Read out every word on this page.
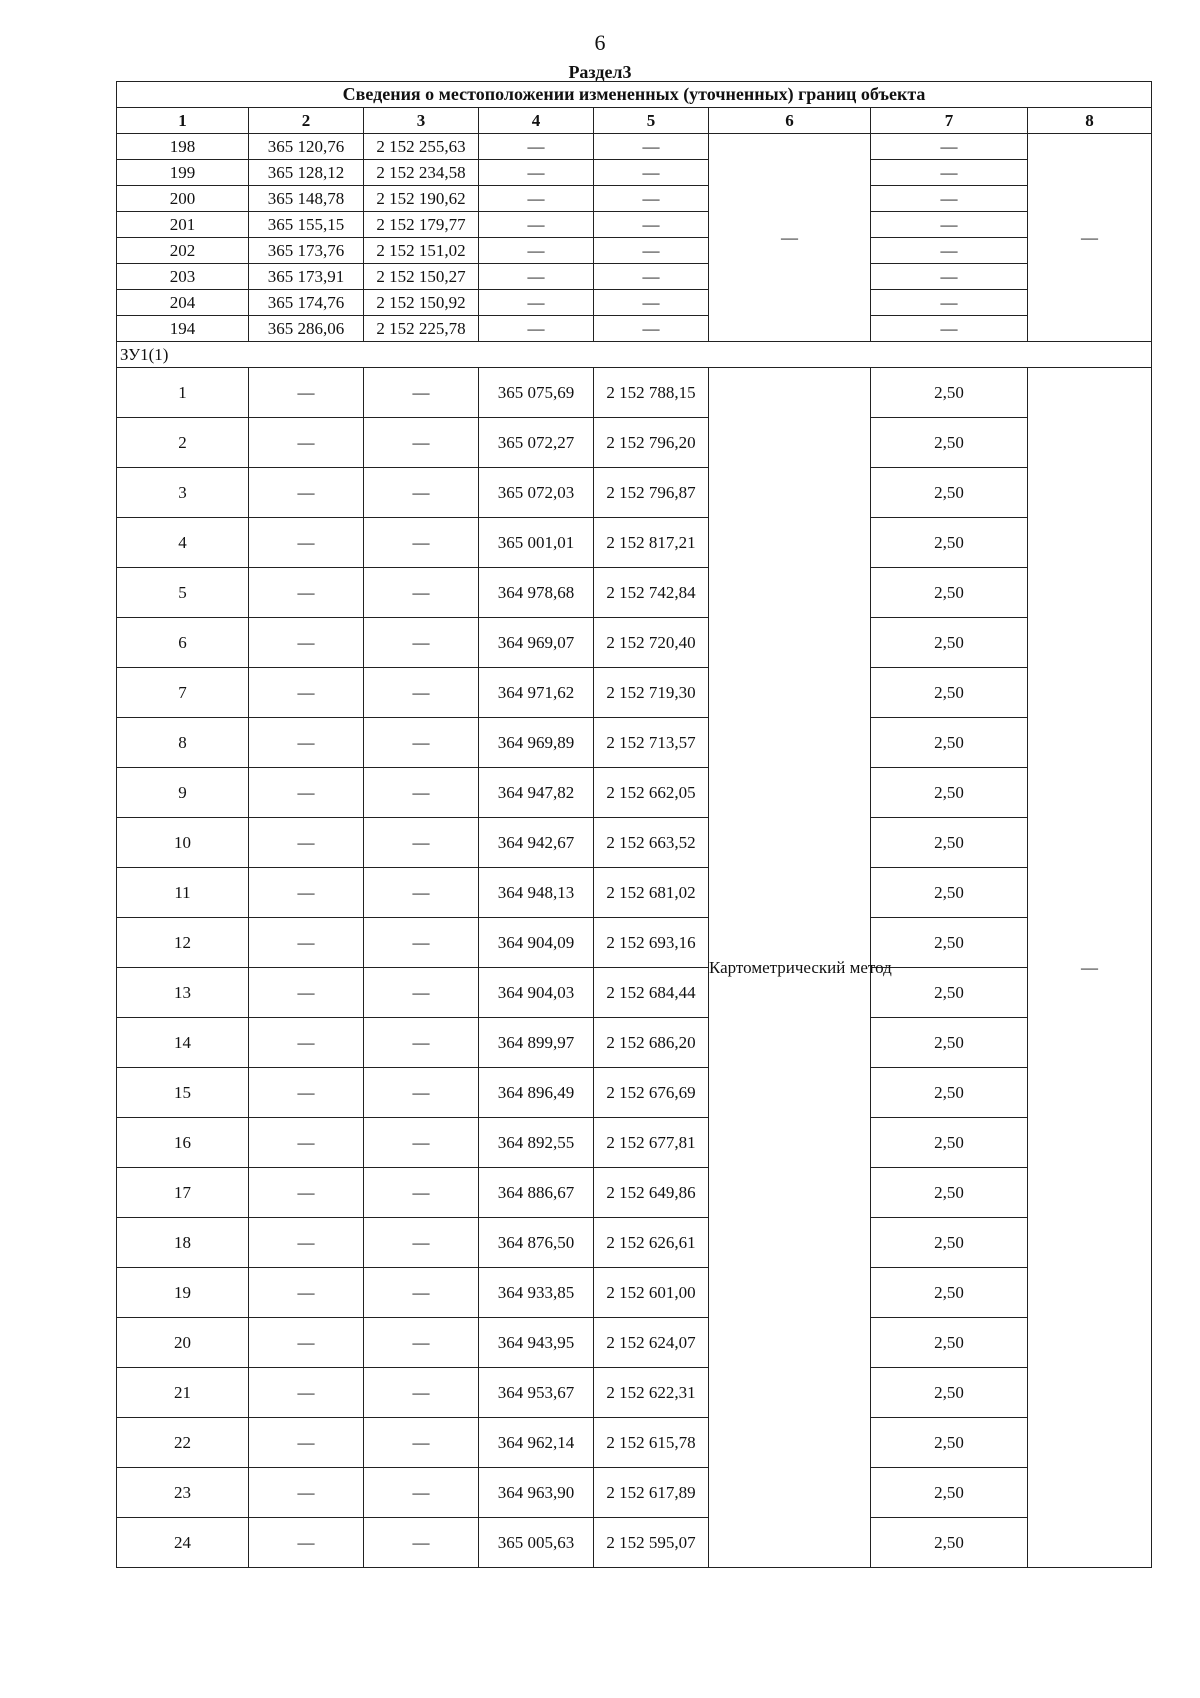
6
Раздел3
Сведения о местоположении измененных (уточненных) границ объекта							
1	2	3	4	5	6	7	8
198	365 120,76	2 152 255,63	—	—	—	—	—
199	365 128,12	2 152 234,58	—	—		—	
200	365 148,78	2 152 190,62	—	—		—	
201	365 155,15	2 152 179,77	—	—		—	
202	365 173,76	2 152 151,02	—	—		—	
203	365 173,91	2 152 150,27	—	—		—	
204	365 174,76	2 152 150,92	—	—		—	
194	365 286,06	2 152 225,78	—	—		—	
ЗУ1(1)							
1	—	—	365 075,69	2 152 788,15	Картометрический метод	2,50	—
2	—	—	365 072,27	2 152 796,20		2,50	
3	—	—	365 072,03	2 152 796,87		2,50	
4	—	—	365 001,01	2 152 817,21		2,50	
5	—	—	364 978,68	2 152 742,84		2,50	
6	—	—	364 969,07	2 152 720,40		2,50	
7	—	—	364 971,62	2 152 719,30		2,50	
8	—	—	364 969,89	2 152 713,57		2,50	
9	—	—	364 947,82	2 152 662,05		2,50	
10	—	—	364 942,67	2 152 663,52		2,50	
11	—	—	364 948,13	2 152 681,02		2,50	
12	—	—	364 904,09	2 152 693,16		2,50	
13	—	—	364 904,03	2 152 684,44		2,50	
14	—	—	364 899,97	2 152 686,20		2,50	
15	—	—	364 896,49	2 152 676,69		2,50	
16	—	—	364 892,55	2 152 677,81		2,50	
17	—	—	364 886,67	2 152 649,86		2,50	
18	—	—	364 876,50	2 152 626,61		2,50	
19	—	—	364 933,85	2 152 601,00		2,50	
20	—	—	364 943,95	2 152 624,07		2,50	
21	—	—	364 953,67	2 152 622,31		2,50	
22	—	—	364 962,14	2 152 615,78		2,50	
23	—	—	364 963,90	2 152 617,89		2,50	
24	—	—	365 005,63	2 152 595,07		2,50	
